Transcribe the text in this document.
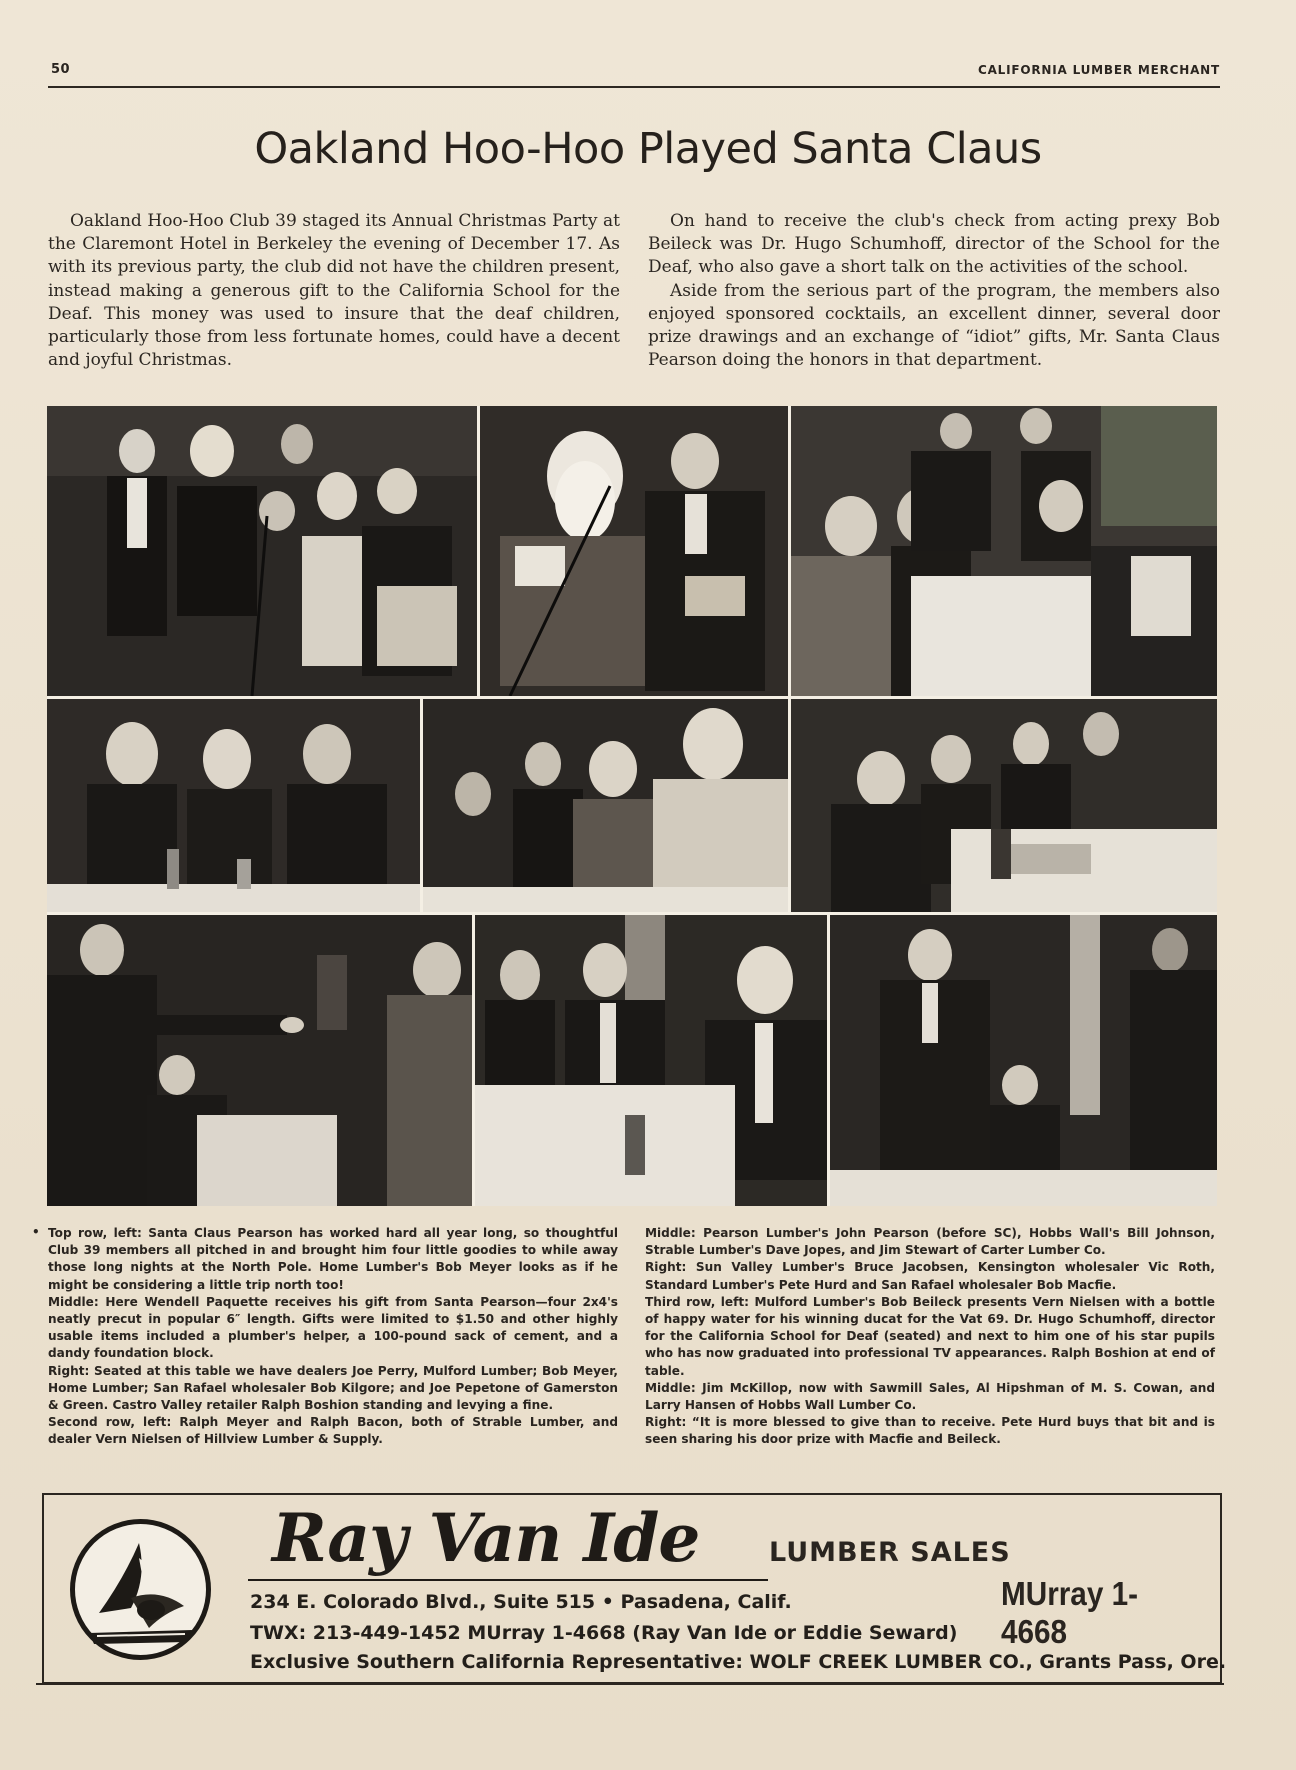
50	CALIFORNIA LUMBER MERCHANT
Oakland Hoo-Hoo Played Santa Claus

Oakland Hoo-Hoo Club 39 staged its Annual Christmas Party at the Claremont Hotel in Berkeley the evening of December 17. As with its previous party, the club did not have the children present, instead making a generous gift to the California School for the Deaf. This money was used to insure that the deaf children, particularly those from less fortunate homes, could have a decent and joyful Christmas.

On hand to receive the club's check from acting prexy Bob Beileck was Dr. Hugo Schumhoff, director of the School for the Deaf, who also gave a short talk on the activities of the school.

Aside from the serious part of the program, the members also enjoyed sponsored cocktails, an excellent dinner, several door prize drawings and an exchange of “idiot” gifts, Mr. Santa Claus Pearson doing the honors in that department.

• Top row, left: Santa Claus Pearson has worked hard all year long, so thoughtful Club 39 members all pitched in and brought him four little goodies to while away those long nights at the North Pole. Home Lumber's Bob Meyer looks as if he might be considering a little trip north too!

Middle: Here Wendell Paquette receives his gift from Santa Pearson—four 2x4's neatly precut in popular 6″ length. Gifts were limited to $1.50 and other highly usable items included a plumber's helper, a 100-pound sack of cement, and a dandy foundation block.

Right: Seated at this table we have dealers Joe Perry, Mulford Lumber; Bob Meyer, Home Lumber; San Rafael wholesaler Bob Kilgore; and Joe Pepetone of Gamerston & Green. Castro Valley retailer Ralph Boshion standing and levying a fine.

Second row, left: Ralph Meyer and Ralph Bacon, both of Strable Lumber, and dealer Vern Nielsen of Hillview Lumber & Supply.

Middle: Pearson Lumber's John Pearson (before SC), Hobbs Wall's Bill Johnson, Strable Lumber's Dave Jopes, and Jim Stewart of Carter Lumber Co.

Right: Sun Valley Lumber's Bruce Jacobsen, Kensington wholesaler Vic Roth, Standard Lumber's Pete Hurd and San Rafael wholesaler Bob Macfie.

Third row, left: Mulford Lumber's Bob Beileck presents Vern Nielsen with a bottle of happy water for his winning ducat for the Vat 69. Dr. Hugo Schumhoff, director for the California School for Deaf (seated) and next to him one of his star pupils who has now graduated into professional TV appearances. Ralph Boshion at end of table.

Middle: Jim McKillop, now with Sawmill Sales, Al Hipshman of M. S. Cowan, and Larry Hansen of Hobbs Wall Lumber Co.

Right: “It is more blessed to give than to receive. Pete Hurd buys that bit and is seen sharing his door prize with Macfie and Beileck.

Ray Van Ide	LUMBER SALES
MUrray 1-4668
234 E. Colorado Blvd., Suite 515 • Pasadena, Calif.
TWX: 213-449-1452 MUrray 1-4668 (Ray Van Ide or Eddie Seward)
Exclusive Southern California Representative: WOLF CREEK LUMBER CO., Grants Pass, Ore.
